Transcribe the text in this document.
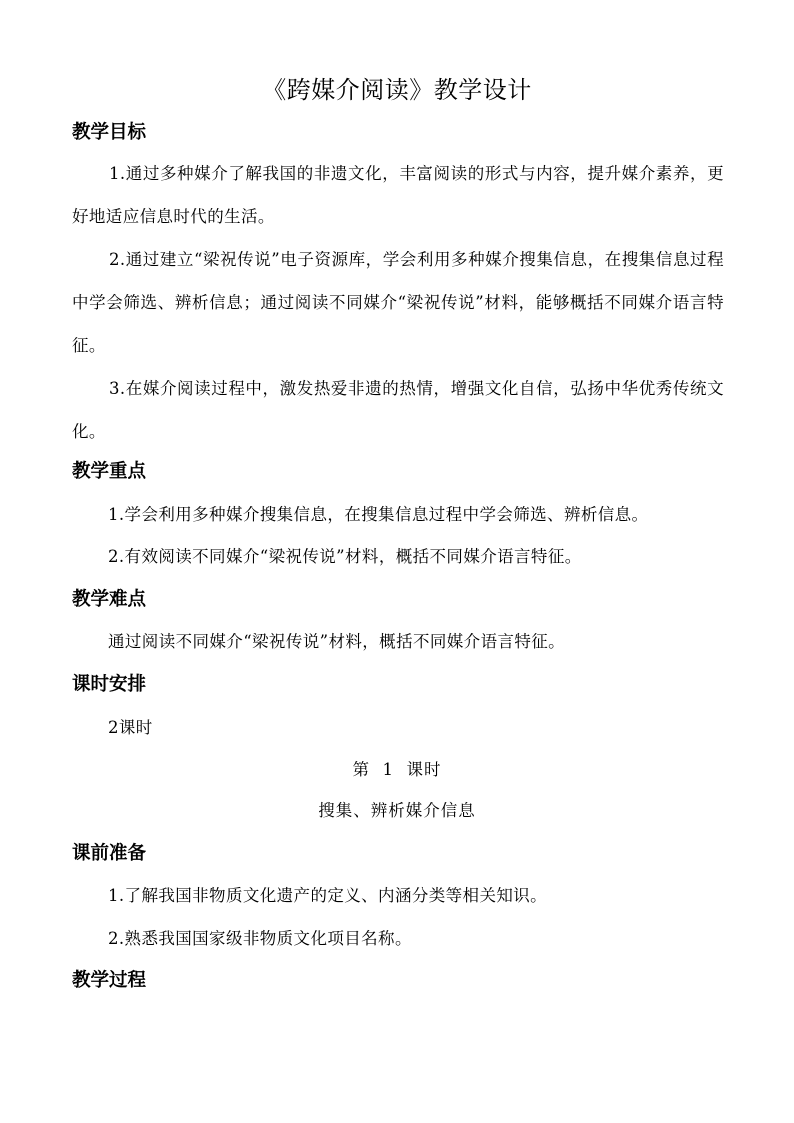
《跨媒介阅读》教学设计
教学目标
1.通过多种媒介了解我国的非遗文化，丰富阅读的形式与内容，提升媒介素养，更好地适应信息时代的生活。
2.通过建立“梁祝传说”电子资源库，学会利用多种媒介搜集信息，在搜集信息过程中学会筛选、辨析信息；通过阅读不同媒介“梁祝传说”材料，能够概括不同媒介语言特征。
3.在媒介阅读过程中，激发热爱非遗的热情，增强文化自信，弘扬中华优秀传统文化。
教学重点
1.学会利用多种媒介搜集信息，在搜集信息过程中学会筛选、辨析信息。
2.有效阅读不同媒介“梁祝传说”材料，概括不同媒介语言特征。
教学难点
通过阅读不同媒介“梁祝传说”材料，概括不同媒介语言特征。
课时安排
2课时
第  1  课时
搜集、辨析媒介信息
课前准备
1.了解我国非物质文化遗产的定义、内涵分类等相关知识。
2.熟悉我国国家级非物质文化项目名称。
教学过程
